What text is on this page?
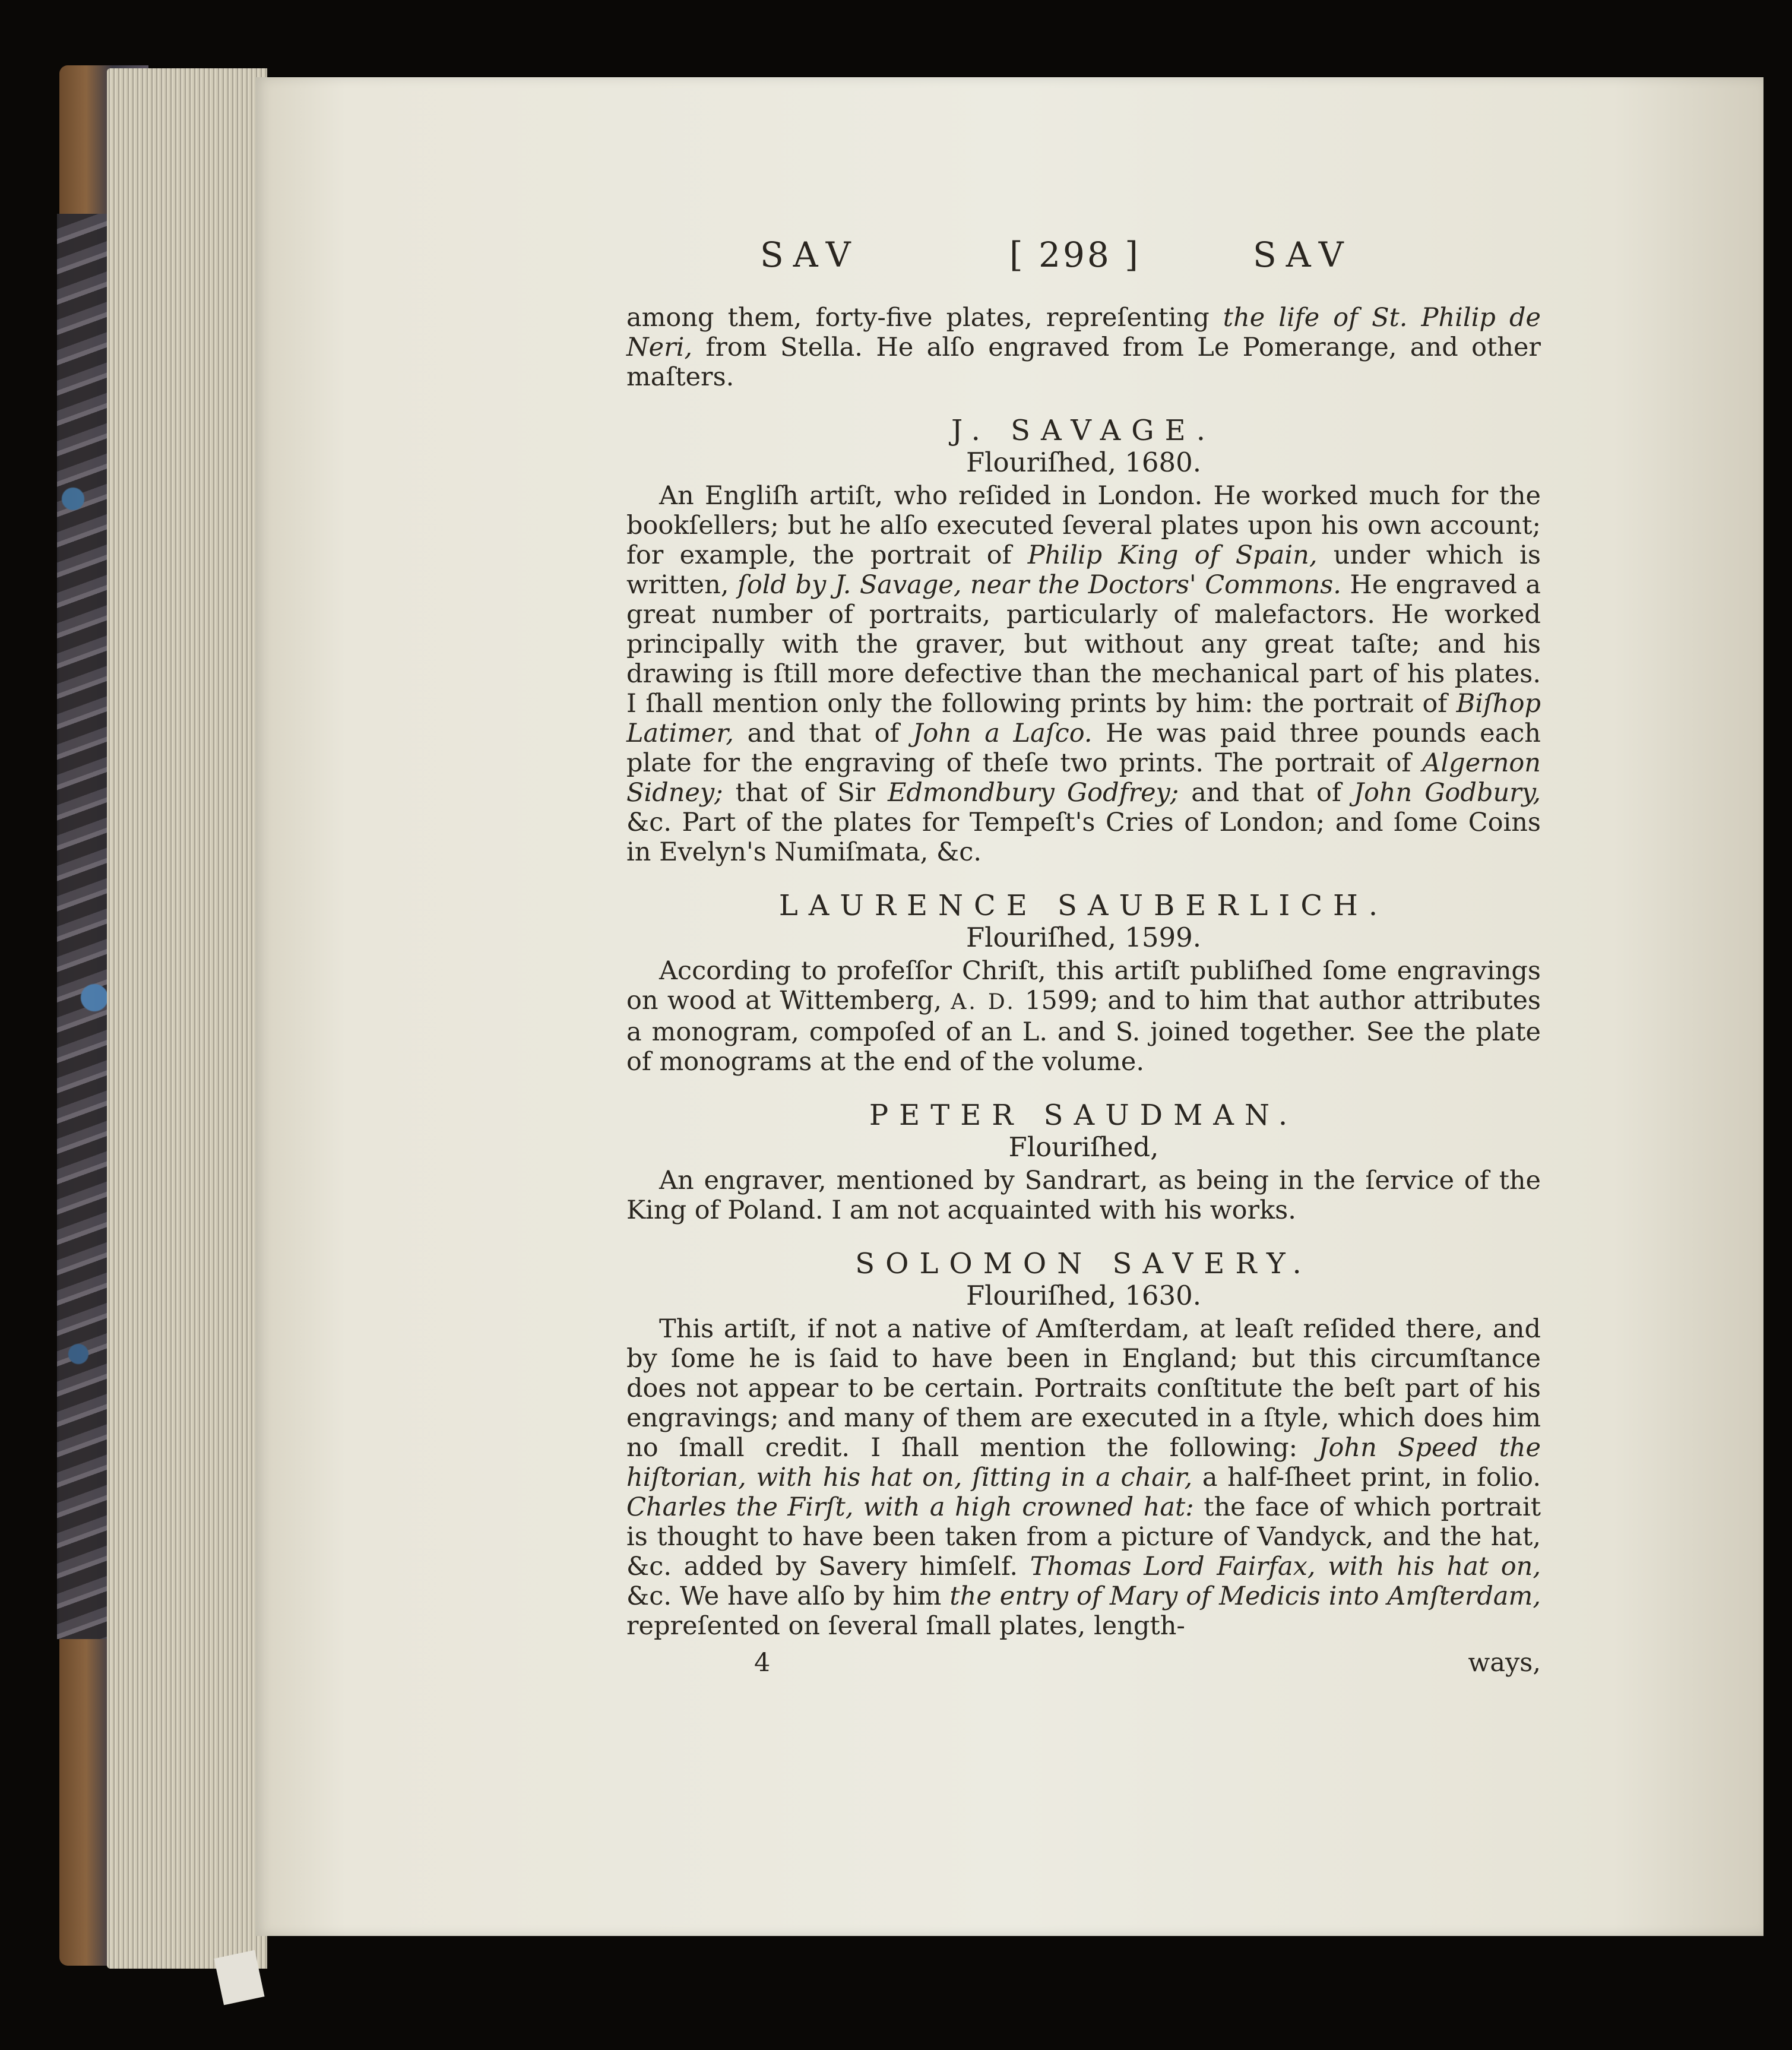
SAV	[ 298 ]	SAV

among them, forty-five plates, repreſenting the life of St. Philip de Neri, from Stella. He alſo engraved from Le Pomerange, and other maſters.

J. SAVAGE.
Flouriſhed, 1680.

An Engliſh artiſt, who reſided in London. He worked much for the bookſellers; but he alſo executed ſeveral plates upon his own account; for example, the portrait of Philip King of Spain, under which is written, ſold by J. Savage, near the Doctors' Commons. He engraved a great number of portraits, particularly of malefactors. He worked principally with the graver, but without any great taſte; and his drawing is ſtill more defective than the mechanical part of his plates. I ſhall mention only the following prints by him: the portrait of Biſhop Latimer, and that of John a Laſco. He was paid three pounds each plate for the engraving of theſe two prints. The portrait of Algernon Sidney; that of Sir Edmondbury Godfrey; and that of John Godbury, &c. Part of the plates for Tempeſt's Cries of London; and ſome Coins in Evelyn's Numiſmata, &c.

LAURENCE SAUBERLICH.
Flouriſhed, 1599.

According to profeſſor Chriſt, this artiſt publiſhed ſome engravings on wood at Wittemberg, A. D. 1599; and to him that author attributes a monogram, compoſed of an L. and S. joined together. See the plate of monograms at the end of the volume.

PETER SAUDMAN.
Flouriſhed,

An engraver, mentioned by Sandrart, as being in the ſervice of the King of Poland. I am not acquainted with his works.

SOLOMON SAVERY.
Flouriſhed, 1630.

This artiſt, if not a native of Amſterdam, at leaſt reſided there, and by ſome he is ſaid to have been in England; but this circumſtance does not appear to be certain. Portraits conſtitute the beſt part of his engravings; and many of them are executed in a ſtyle, which does him no ſmall credit. I ſhall mention the following: John Speed the hiſtorian, with his hat on, ſitting in a chair, a half-ſheet print, in folio. Charles the Firſt, with a high crowned hat: the face of which portrait is thought to have been taken from a picture of Vandyck, and the hat, &c. added by Savery himſelf. Thomas Lord Fairfax, with his hat on, &c. We have alſo by him the entry of Mary of Medicis into Amſterdam, repreſented on ſeveral ſmall plates, length-

4	ways,
